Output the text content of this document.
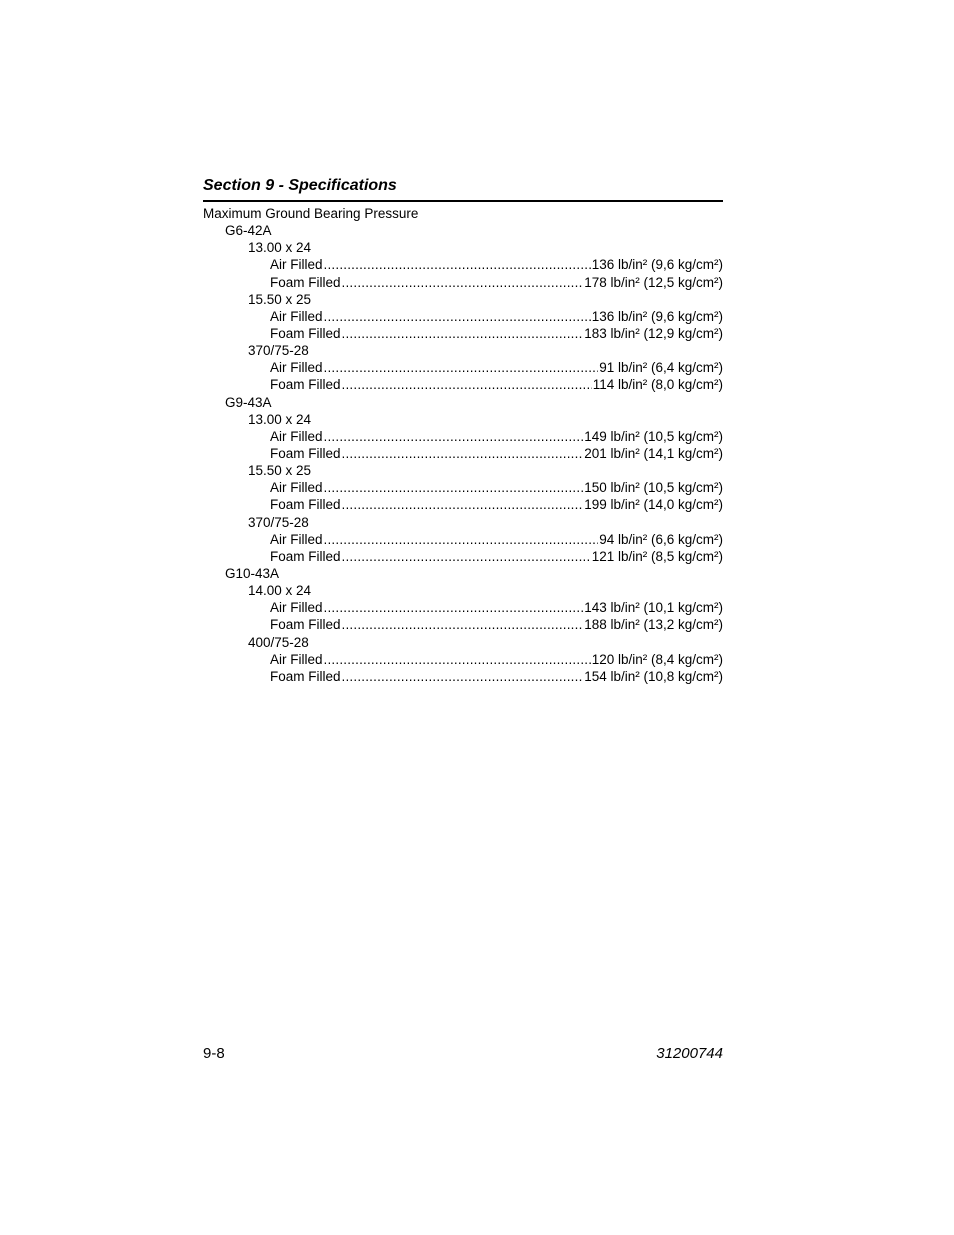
Section 9 - Specifications
Maximum Ground Bearing Pressure
G6-42A
13.00 x 24
Air Filled .....	136 lb/in² (9,6 kg/cm²)
Foam Filled .....	178 lb/in² (12,5 kg/cm²)
15.50 x 25
Air Filled .....	136 lb/in² (9,6 kg/cm²)
Foam Filled .....	183 lb/in² (12,9 kg/cm²)
370/75-28
Air Filled .....	91 lb/in² (6,4 kg/cm²)
Foam Filled .....	114 lb/in² (8,0 kg/cm²)
G9-43A
13.00 x 24
Air Filled .....	149 lb/in² (10,5 kg/cm²)
Foam Filled .....	201 lb/in² (14,1 kg/cm²)
15.50 x 25
Air Filled .....	150 lb/in² (10,5 kg/cm²)
Foam Filled .....	199 lb/in² (14,0 kg/cm²)
370/75-28
Air Filled .....	94 lb/in² (6,6 kg/cm²)
Foam Filled .....	121 lb/in² (8,5 kg/cm²)
G10-43A
14.00 x 24
Air Filled .....	143 lb/in² (10,1 kg/cm²)
Foam Filled .....	188 lb/in² (13,2 kg/cm²)
400/75-28
Air Filled .....	120 lb/in² (8,4 kg/cm²)
Foam Filled .....	154 lb/in² (10,8 kg/cm²)
9-8	31200744
